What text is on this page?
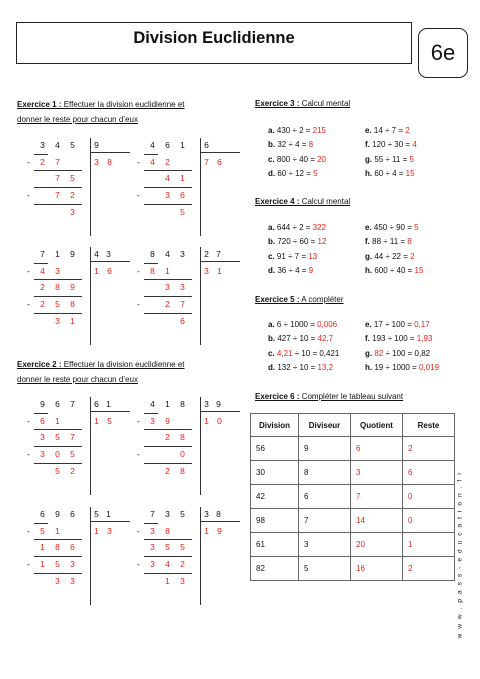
Division Euclidienne
6e
Exercice 1 : Effectuer la division euclidienne et
donner le reste pour chacun d’eux
Exercice 2 : Effectuer la division euclidienne et
donner le reste pour chacun d’eux
3	4	5
-	2	7
7	5
-	7	2
3
9
3 8
4	6	1
-	4	2
4	1
-	3	6
5
6
7 6
7	1	9
-	4	3
2	8	9
-	2	5	8
3	1
4 3
1 6
8	4	3
-	8	1
3	3
-	2	7
6
2 7
3 1
9	6	7
-	6	1
3	5	7
-	3	0	5
5	2
6 1
1 5
4	1	8
-	3	9
2	8
-	0
2	8
3 9
1 0
6	9	6
-	5	1
1	8	6
-	1	5	3
3	3
5 1
1 3
7	3	5
-	3	8
3	5	5
-	3	4	2
1	3
3 8
1 9
Exercice 3 : Calcul mental
a. 430 ÷ 2 = 215	e. 14 ÷ 7 = 2
b. 32 ÷ 4 = 8	f. 120 ÷ 30 = 4
c. 800 ÷ 40 = 20	g. 55 ÷ 11 = 5
d. 60 ÷ 12 = 5	h. 60 ÷ 4 = 15
Exercice 4 : Calcul mental
a. 644 ÷ 2 = 322	e. 450 ÷ 90 = 5
b. 720 ÷ 60 = 12	f. 88 ÷ 11 = 8
c. 91 ÷ 7 = 13	g. 44 ÷ 22 = 2
d. 36 ÷ 4 = 9	h. 600 ÷ 40 = 15
Exercice 5 : A compléter
a. 6 ÷ 1000 = 0,006	e. 17 ÷ 100 = 0,17
b. 427 ÷ 10 = 42,7	f. 193 ÷ 100 = 1,93
c. 4,21 ÷ 10 = 0,421	g. 82 ÷ 100 = 0,82
d. 132 ÷ 10 = 13,2	h. 19 ÷ 1000 = 0,019
Exercice 6 : Compléter le tableau suivant
Division	Diviseur	Quotient	Reste
56	9	6	2
30	8	3	6
42	6	7	0
98	7	14	0
61	3	20	1
82	5	16	2	w w w . p a s s - e d u c a t i o n . f r
